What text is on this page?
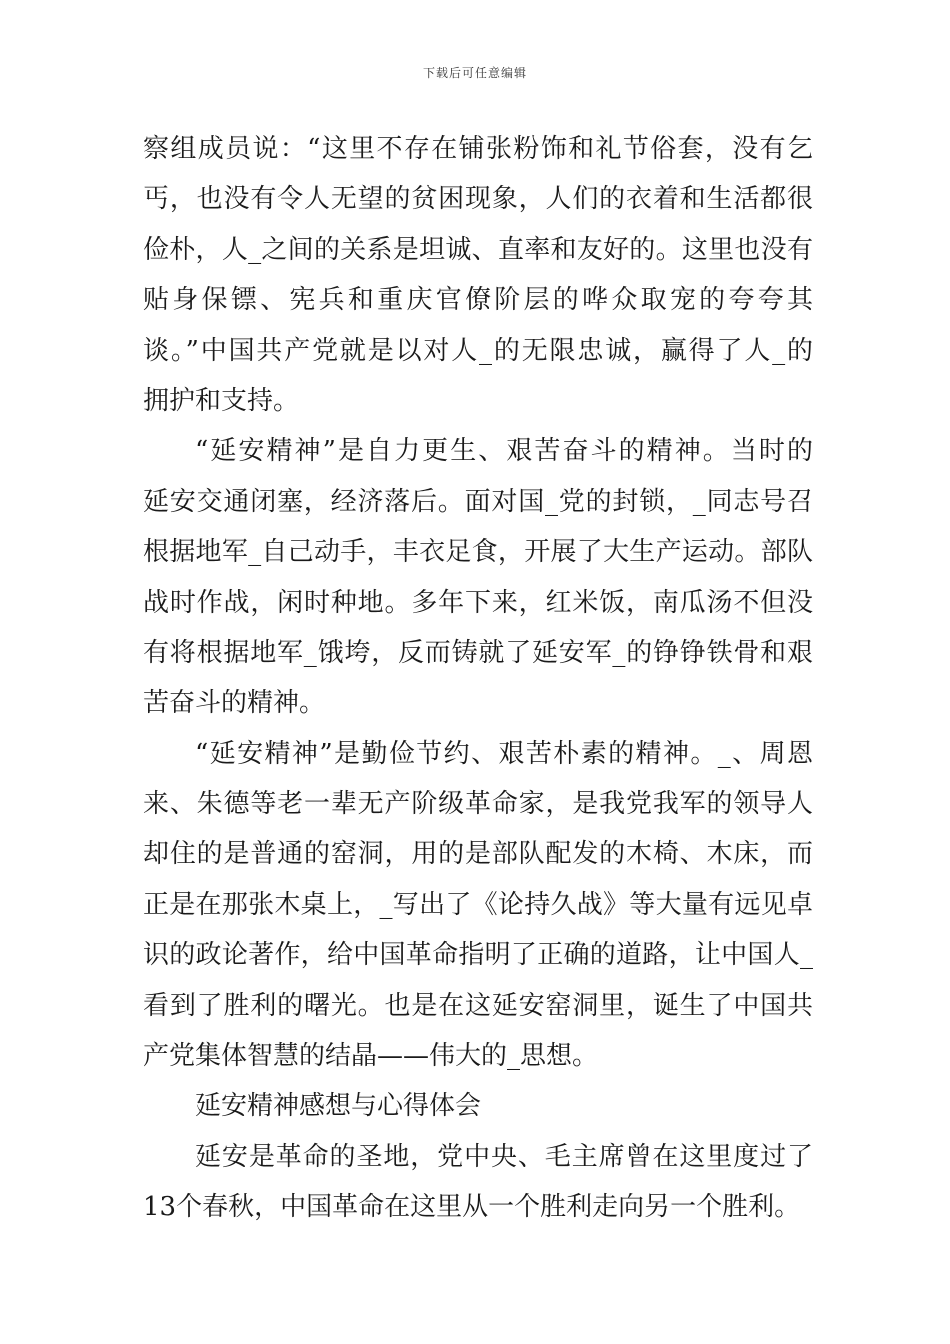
下载后可任意编辑
察组成员说：“这里不存在铺张粉饰和礼节俗套，没有乞
丐，也没有令人无望的贫困现象，人们的衣着和生活都很
俭朴，人_之间的关系是坦诚、直率和友好的。这里也没有
贴身保镖、宪兵和重庆官僚阶层的哗众取宠的夸夸其
谈。”中国共产党就是以对人_的无限忠诚，赢得了人_的
拥护和支持。
“延安精神”是自力更生、艰苦奋斗的精神。当时的
延安交通闭塞，经济落后。面对国_党的封锁，_同志号召
根据地军_自己动手，丰衣足食，开展了大生产运动。部队
战时作战，闲时种地。多年下来，红米饭，南瓜汤不但没
有将根据地军_饿垮，反而铸就了延安军_的铮铮铁骨和艰
苦奋斗的精神。
“延安精神”是勤俭节约、艰苦朴素的精神。_、周恩
来、朱德等老一辈无产阶级革命家，是我党我军的领导人
却住的是普通的窑洞，用的是部队配发的木椅、木床，而
正是在那张木桌上，_写出了《论持久战》等大量有远见卓
识的政论著作，给中国革命指明了正确的道路，让中国人_
看到了胜利的曙光。也是在这延安窑洞里，诞生了中国共
产党集体智慧的结晶——伟大的_思想。
延安精神感想与心得体会
延安是革命的圣地，党中央、毛主席曾在这里度过了
13个春秋，中国革命在这里从一个胜利走向另一个胜利。
